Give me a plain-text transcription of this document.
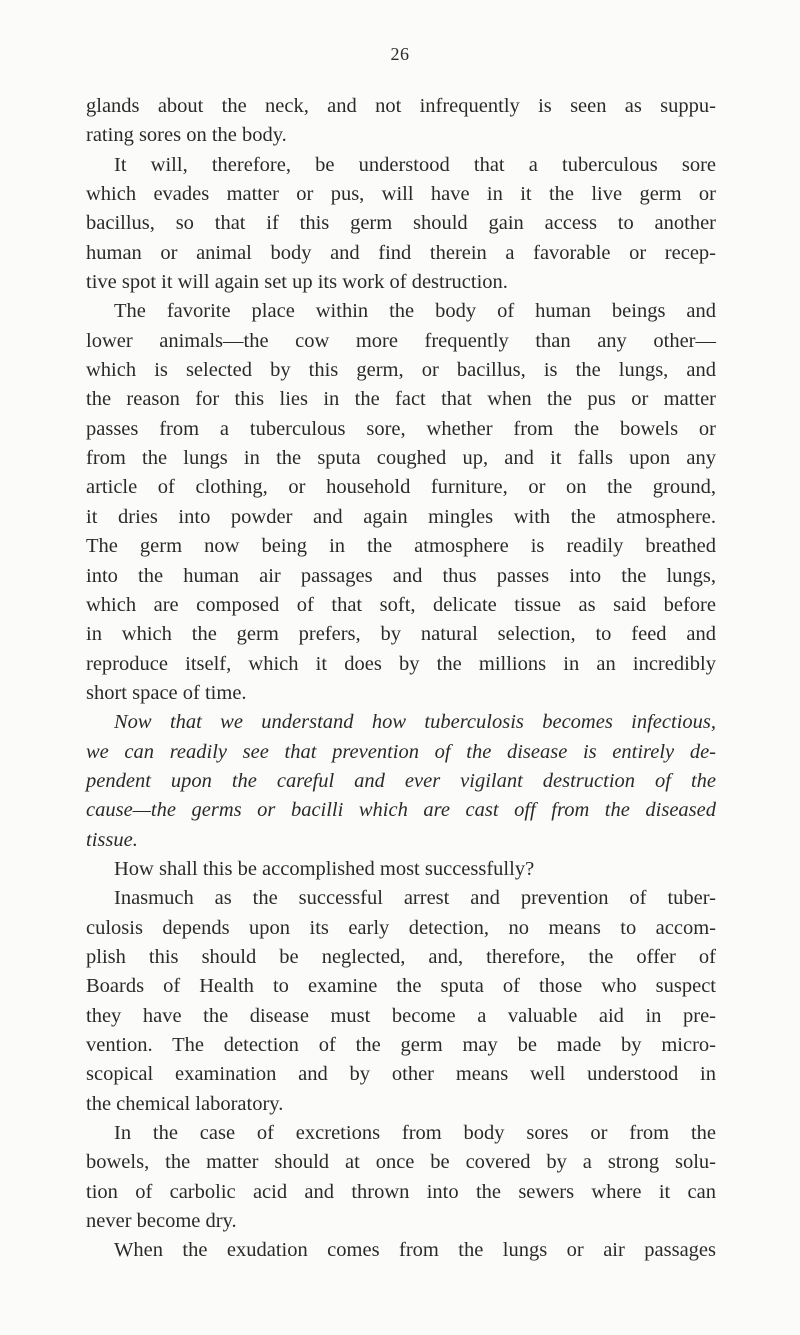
26
glands about the neck, and not infrequently is seen as suppu-
rating sores on the body.
It will, therefore, be understood that a tuberculous sore
which evades matter or pus, will have in it the live germ or
bacillus, so that if this germ should gain access to another
human or animal body and find therein a favorable or recep-
tive spot it will again set up its work of destruction.
The favorite place within the body of human beings and
lower animals—the cow more frequently than any other—
which is selected by this germ, or bacillus, is the lungs, and
the reason for this lies in the fact that when the pus or matter
passes from a tuberculous sore, whether from the bowels or
from the lungs in the sputa coughed up, and it falls upon any
article of clothing, or household furniture, or on the ground,
it dries into powder and again mingles with the atmosphere.
The germ now being in the atmosphere is readily breathed
into the human air passages and thus passes into the lungs,
which are composed of that soft, delicate tissue as said before
in which the germ prefers, by natural selection, to feed and
reproduce itself, which it does by the millions in an incredibly
short space of time.
Now that we understand how tuberculosis becomes infectious,
we can readily see that prevention of the disease is entirely de-
pendent upon the careful and ever vigilant destruction of the
cause—the germs or bacilli which are cast off from the diseased
tissue.
How shall this be accomplished most successfully?
Inasmuch as the successful arrest and prevention of tuber-
culosis depends upon its early detection, no means to accom-
plish this should be neglected, and, therefore, the offer of
Boards of Health to examine the sputa of those who suspect
they have the disease must become a valuable aid in pre-
vention. The detection of the germ may be made by micro-
scopical examination and by other means well understood in
the chemical laboratory.
In the case of excretions from body sores or from the
bowels, the matter should at once be covered by a strong solu-
tion of carbolic acid and thrown into the sewers where it can
never become dry.
When the exudation comes from the lungs or air passages
